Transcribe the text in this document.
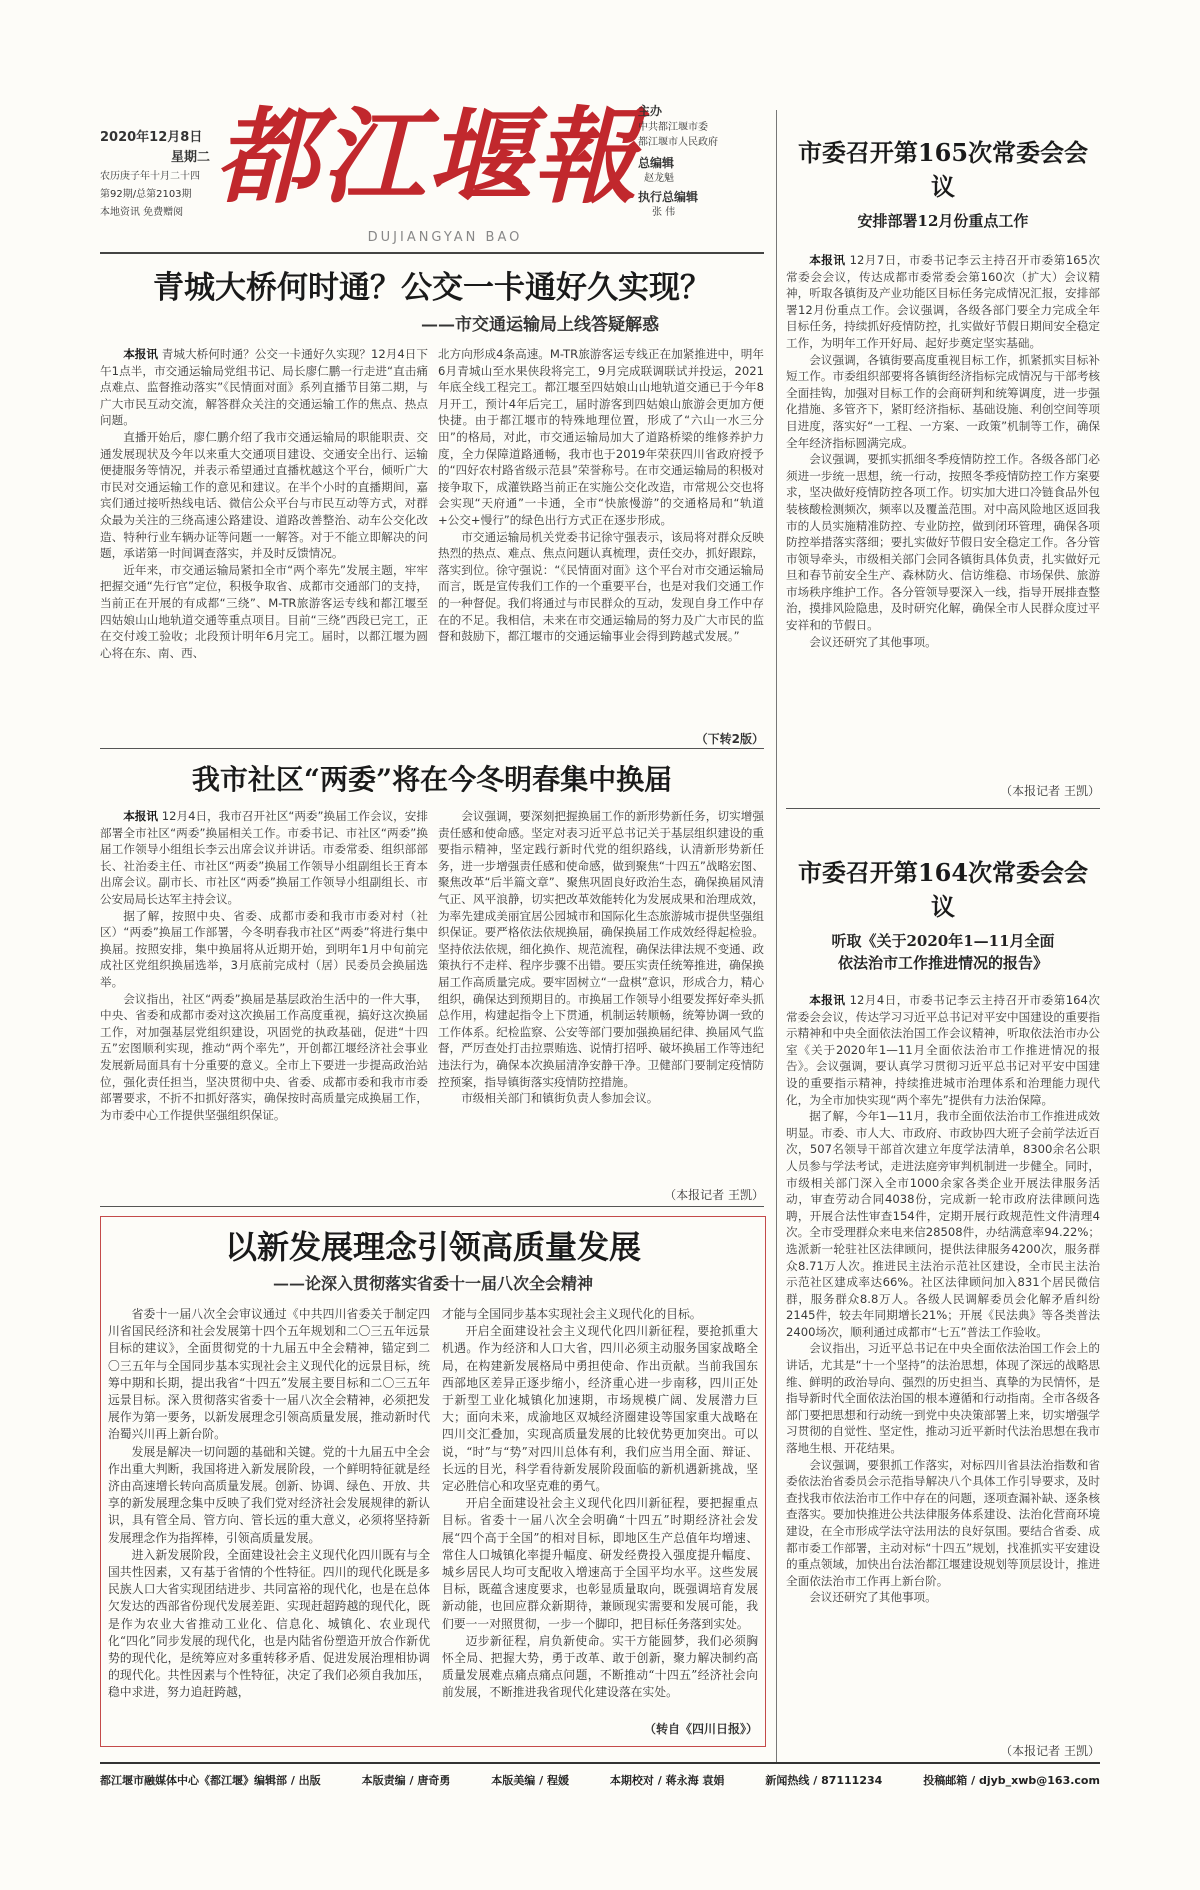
2020年12月8日
星期二
农历庚子年十月二十四
第92期/总第2103期
本地资讯 免费赠阅 都江堰報
DUJIANGYAN BAO
主办
中共都江堰市委
都江堰市人民政府
总编辑
赵龙魁
执行总编辑
张 伟
青城大桥何时通？公交一卡通好久实现？
——市交通运输局上线答疑解惑

本报讯 青城大桥何时通？公交一卡通好久实现？12月4日下午1点半，市交通运输局党组书记、局长廖仁鹏一行走进“直击痛点难点、监督推动落实”《民情面对面》系列直播节目第二期，与广大市民互动交流，解答群众关注的交通运输工作的焦点、热点问题。

直播开始后，廖仁鹏介绍了我市交通运输局的职能职责、交通发展现状及今年以来重大交通项目建设、交通安全出行、运输便捷服务等情况，并表示希望通过直播枕越这个平台，倾听广大市民对交通运输工作的意见和建议。在半个小时的直播期间，嘉宾们通过接听热线电话、微信公众平台与市民互动等方式，对群众最为关注的三绕高速公路建设、道路改善整治、动车公交化改造、特种行业车辆办证等问题一一解答。对于不能立即解决的问题，承诺第一时间调查落实，并及时反馈情况。

近年来，市交通运输局紧扣全市“两个率先”发展主题，牢牢把握交通“先行官”定位，积极争取省、成都市交通部门的支持，当前正在开展的有成都“三绕”、M-TR旅游客运专线和都江堰至四姑娘山山地轨道交通等重点项目。目前“三绕”西段已完工，正在交付竣工验收；北段预计明年6月完工。届时，以都江堰为圆心将在东、南、西、

北方向形成4条高速。M-TR旅游客运专线正在加紧推进中，明年6月青城山至水果侠段将完工，9月完成联调联试并投运，2021年底全线工程完工。都江堰至四姑娘山山地轨道交通已于今年8月开工，预计4年后完工，届时游客到四姑娘山旅游会更加方便快捷。由于都江堰市的特殊地理位置，形成了“六山一水三分田”的格局，对此，市交通运输局加大了道路桥梁的维修养护力度，全力保障道路通畅，我市也于2019年荣获四川省政府授予的“四好农村路省级示范县”荣誉称号。在市交通运输局的积极对接争取下，成灌铁路当前正在实施公交化改造，市常规公交也将会实现“天府通”一卡通，全市“快旅慢游”的交通格局和“轨道+公交+慢行”的绿色出行方式正在逐步形成。

市交通运输局机关党委书记徐守强表示，该局将对群众反映热烈的热点、难点、焦点问题认真梳理，责任交办，抓好跟踪，落实到位。徐守强说：“《民情面对面》这个平台对市交通运输局而言，既是宣传我们工作的一个重要平台，也是对我们交通工作的一种督促。我们将通过与市民群众的互动，发现自身工作中存在的不足。我相信，未来在市交通运输局的努力及广大市民的监督和鼓励下，都江堰市的交通运输事业会得到跨越式发展。”

（下转2版）
我市社区“两委”将在今冬明春集中换届

本报讯 12月4日，我市召开社区“两委”换届工作会议，安排部署全市社区“两委”换届相关工作。市委书记、市社区“两委”换届工作领导小组组长李云出席会议并讲话。市委常委、组织部部长、社治委主任、市社区“两委”换届工作领导小组副组长王育本出席会议。副市长、市社区“两委”换届工作领导小组副组长、市公安局局长达军主持会议。

据了解，按照中央、省委、成都市委和我市市委对村（社区）“两委”换届工作部署，今冬明春我市社区“两委”将进行集中换届。按照安排，集中换届将从近期开始，到明年1月中旬前完成社区党组织换届选举，3月底前完成村（居）民委员会换届选举。

会议指出，社区“两委”换届是基层政治生活中的一件大事，中央、省委和成都市委对这次换届工作高度重视，搞好这次换届工作，对加强基层党组织建设，巩固党的执政基础，促进“十四五”宏图顺利实现，推动“两个率先”，开创都江堰经济社会事业发展新局面具有十分重要的意义。全市上下要进一步提高政治站位，强化责任担当，坚决贯彻中央、省委、成都市委和我市市委部署要求，不折不扣抓好落实，确保按时高质量完成换届工作，为市委中心工作提供坚强组织保证。

会议强调，要深刻把握换届工作的新形势新任务，切实增强责任感和使命感。坚定对表习近平总书记关于基层组织建设的重要指示精神，坚定践行新时代党的组织路线，认清新形势新任务，进一步增强责任感和使命感，做到聚焦“十四五”战略宏图、聚焦改革“后半篇文章”、聚焦巩固良好政治生态，确保换届风清气正、风平浪静，切实把改革效能转化为发展成果和治理成效，为率先建成美丽宜居公园城市和国际化生态旅游城市提供坚强组织保证。要严格依法依规换届，确保换届工作成效经得起检验。坚持依法依规，细化换作、规范流程，确保法律法规不变通、政策执行不走样、程序步骤不出错。要压实责任统筹推进，确保换届工作高质量完成。要牢固树立“一盘棋”意识，形成合力，精心组织，确保达到预期目的。市换届工作领导小组要发挥好牵头抓总作用，构建起指令上下贯通，机制运转顺畅，统筹协调一致的工作体系。纪检监察、公安等部门要加强换届纪律、换届风气监督，严厉查处打击拉票贿选、说情打招呼、破坏换届工作等违纪违法行为，确保本次换届清净安静干净。卫健部门要制定疫情防控预案，指导镇街落实疫情防控措施。

市级相关部门和镇街负责人参加会议。

（本报记者 王凯）
以新发展理念引领高质量发展
——论深入贯彻落实省委十一届八次全会精神

省委十一届八次全会审议通过《中共四川省委关于制定四川省国民经济和社会发展第十四个五年规划和二〇三五年远景目标的建议》，全面贯彻党的十九届五中全会精神，锚定到二〇三五年与全国同步基本实现社会主义现代化的远景目标，统筹中期和长期，提出我省“十四五”发展主要目标和二〇三五年远景目标。深入贯彻落实省委十一届八次全会精神，必须把发展作为第一要务，以新发展理念引领高质量发展，推动新时代治蜀兴川再上新台阶。

发展是解决一切问题的基础和关键。党的十九届五中全会作出重大判断，我国将进入新发展阶段，一个鲜明特征就是经济由高速增长转向高质量发展。创新、协调、绿色、开放、共享的新发展理念集中反映了我们党对经济社会发展规律的新认识，具有管全局、管方向、管长远的重大意义，必须将坚持新发展理念作为指挥棒，引领高质量发展。

进入新发展阶段，全面建设社会主义现代化四川既有与全国共性因素，又有基于省情的个性特征。四川的现代化既是多民族人口大省实现团结进步、共同富裕的现代化，也是在总体欠发达的西部省份现代发展差距、实现赶超跨越的现代化，既是作为农业大省推动工业化、信息化、城镇化、农业现代化“四化”同步发展的现代化，也是内陆省份塑造开放合作新优势的现代化，是统筹应对多重转移矛盾、促进发展治理相协调的现代化。共性因素与个性特征，决定了我们必须自我加压，稳中求进，努力追赶跨越，

才能与全国同步基本实现社会主义现代化的目标。

开启全面建设社会主义现代化四川新征程，要抢抓重大机遇。作为经济和人口大省，四川必须主动服务国家战略全局，在构建新发展格局中勇担使命、作出贡献。当前我国东西部地区差异正逐步缩小，经济重心进一步南移，四川正处于新型工业化城镇化加速期，市场规模广阔、发展潜力巨大；面向未来，成渝地区双城经济圈建设等国家重大战略在四川交汇叠加，实现高质量发展的比较优势更加突出。可以说，“时”与“势”对四川总体有利，我们应当用全面、辩证、长远的目光，科学看待新发展阶段面临的新机遇新挑战，坚定必胜信心和攻坚克难的勇气。

开启全面建设社会主义现代化四川新征程，要把握重点目标。省委十一届八次全会明确“十四五”时期经济社会发展“四个高于全国”的相对目标，即地区生产总值年均增速、常住人口城镇化率提升幅度、研发经费投入强度提升幅度、城乡居民人均可支配收入增速高于全国平均水平。这些发展目标，既蕴含速度要求，也彰显质量取向，既强调培育发展新动能，也回应群众新期待，兼顾现实需要和发展可能，我们要一一对照贯彻，一步一个脚印，把目标任务落到实处。

迈步新征程，肩负新使命。实干方能圆梦，我们必须胸怀全局、把握大势，勇于改革、敢于创新，聚力解决制约高质量发展难点痛点痛点问题，不断推动“十四五”经济社会向前发展，不断推进我省现代化建设落在实处。

（转自《四川日报》）
市委召开第165次常委会会议
安排部署12月份重点工作

本报讯 12月7日，市委书记李云主持召开市委第165次常委会会议，传达成都市委常委会第160次（扩大）会议精神，听取各镇街及产业功能区目标任务完成情况汇报，安排部署12月份重点工作。会议强调，各级各部门要全力完成全年目标任务，持续抓好疫情防控，扎实做好节假日期间安全稳定工作，为明年工作开好局、起好步奠定坚实基础。

会议强调，各镇街要高度重视目标工作，抓紧抓实目标补短工作。市委组织部要将各镇街经济指标完成情况与干部考核全面挂钩，加强对目标工作的会商研判和统筹调度，进一步强化措施、多管齐下，紧盯经济指标、基础设施、利创空间等项目进度，落实好“一工程、一方案、一政策”机制等工作，确保全年经济指标圆满完成。

会议强调，要抓实抓细冬季疫情防控工作。各级各部门必须进一步统一思想，统一行动，按照冬季疫情防控工作方案要求，坚决做好疫情防控各项工作。切实加大进口冷链食品外包装核酸检测频次，频率以及覆盖范围。对中高风险地区返回我市的人员实施精准防控、专业防控，做到闭环管理，确保各项防控举措落实落细；要扎实做好节假日安全稳定工作。各分管市领导牵头，市级相关部门会同各镇街具体负责，扎实做好元旦和春节前安全生产、森林防火、信访维稳、市场保供、旅游市场秩序维护工作。各分管领导要深入一线，指导开展排查整治，摸排风险隐患，及时研究化解，确保全市人民群众度过平安祥和的节假日。

会议还研究了其他事项。

（本报记者 王凯）
市委召开第164次常委会会议
听取《关于2020年1—11月全面
依法治市工作推进情况的报告》

本报讯 12月4日，市委书记李云主持召开市委第164次常委会会议，传达学习习近平总书记对平安中国建设的重要指示精神和中央全面依法治国工作会议精神，听取依法治市办公室《关于2020年1—11月全面依法治市工作推进情况的报告》。会议强调，要认真学习贯彻习近平总书记对平安中国建设的重要指示精神，持续推进城市治理体系和治理能力现代化，为全市加快实现“两个率先”提供有力法治保障。

据了解，今年1—11月，我市全面依法治市工作推进成效明显。市委、市人大、市政府、市政协四大班子会前学法近百次，507名领导干部首次建立年度学法清单，8300余名公职人员参与学法考试，走进法庭旁审判机制进一步健全。同时，市级相关部门深入全市1000余家各类企业开展法律服务活动，审查劳动合同4038份，完成新一轮市政府法律顾问选聘，开展合法性审查154件，定期开展行政规范性文件清理4次。全市受理群众来电来信28508件，办结满意率94.22%；选派新一轮驻社区法律顾问，提供法律服务4200次，服务群众8.71万人次。推进民主法治示范社区建设，全市民主法治示范社区建成率达66%。社区法律顾问加入831个居民微信群，服务群众8.8万人。各级人民调解委员会化解矛盾纠纷2145件，较去年同期增长21%；开展《民法典》等各类普法2400场次，顺利通过成都市“七五”普法工作验收。

会议指出，习近平总书记在中央全面依法治国工作会上的讲话，尤其是“十一个坚持”的法治思想，体现了深远的战略思维、鲜明的政治导向、强烈的历史担当、真挚的为民情怀，是指导新时代全面依法治国的根本遵循和行动指南。全市各级各部门要把思想和行动统一到党中央决策部署上来，切实增强学习贯彻的自觉性、坚定性，推动习近平新时代法治思想在我市落地生根、开花结果。

会议强调，要狠抓工作落实，对标四川省县法治指数和省委依法治省委员会示范指导解决八个具体工作引导要求，及时查找我市依法治市工作中存在的问题，逐项查漏补缺、逐条核查落实。要加快推进公共法律服务体系建设、法治化营商环境建设，在全市形成学法守法用法的良好氛围。要结合省委、成都市委工作部署，主动对标“十四五”规划，找准抓实平安建设的重点领域，加快出台法治都江堰建设规划等顶层设计，推进全面依法治市工作再上新台阶。

会议还研究了其他事项。

（本报记者 王凯）
都江堰市融媒体中心《都江堰》编辑部 / 出版	本版责编 / 唐奇勇	本版美编 / 程媛	本期校对 / 蒋永海 袁娟	新闻热线 / 87111234	投稿邮箱 / djyb_xwb@163.com
